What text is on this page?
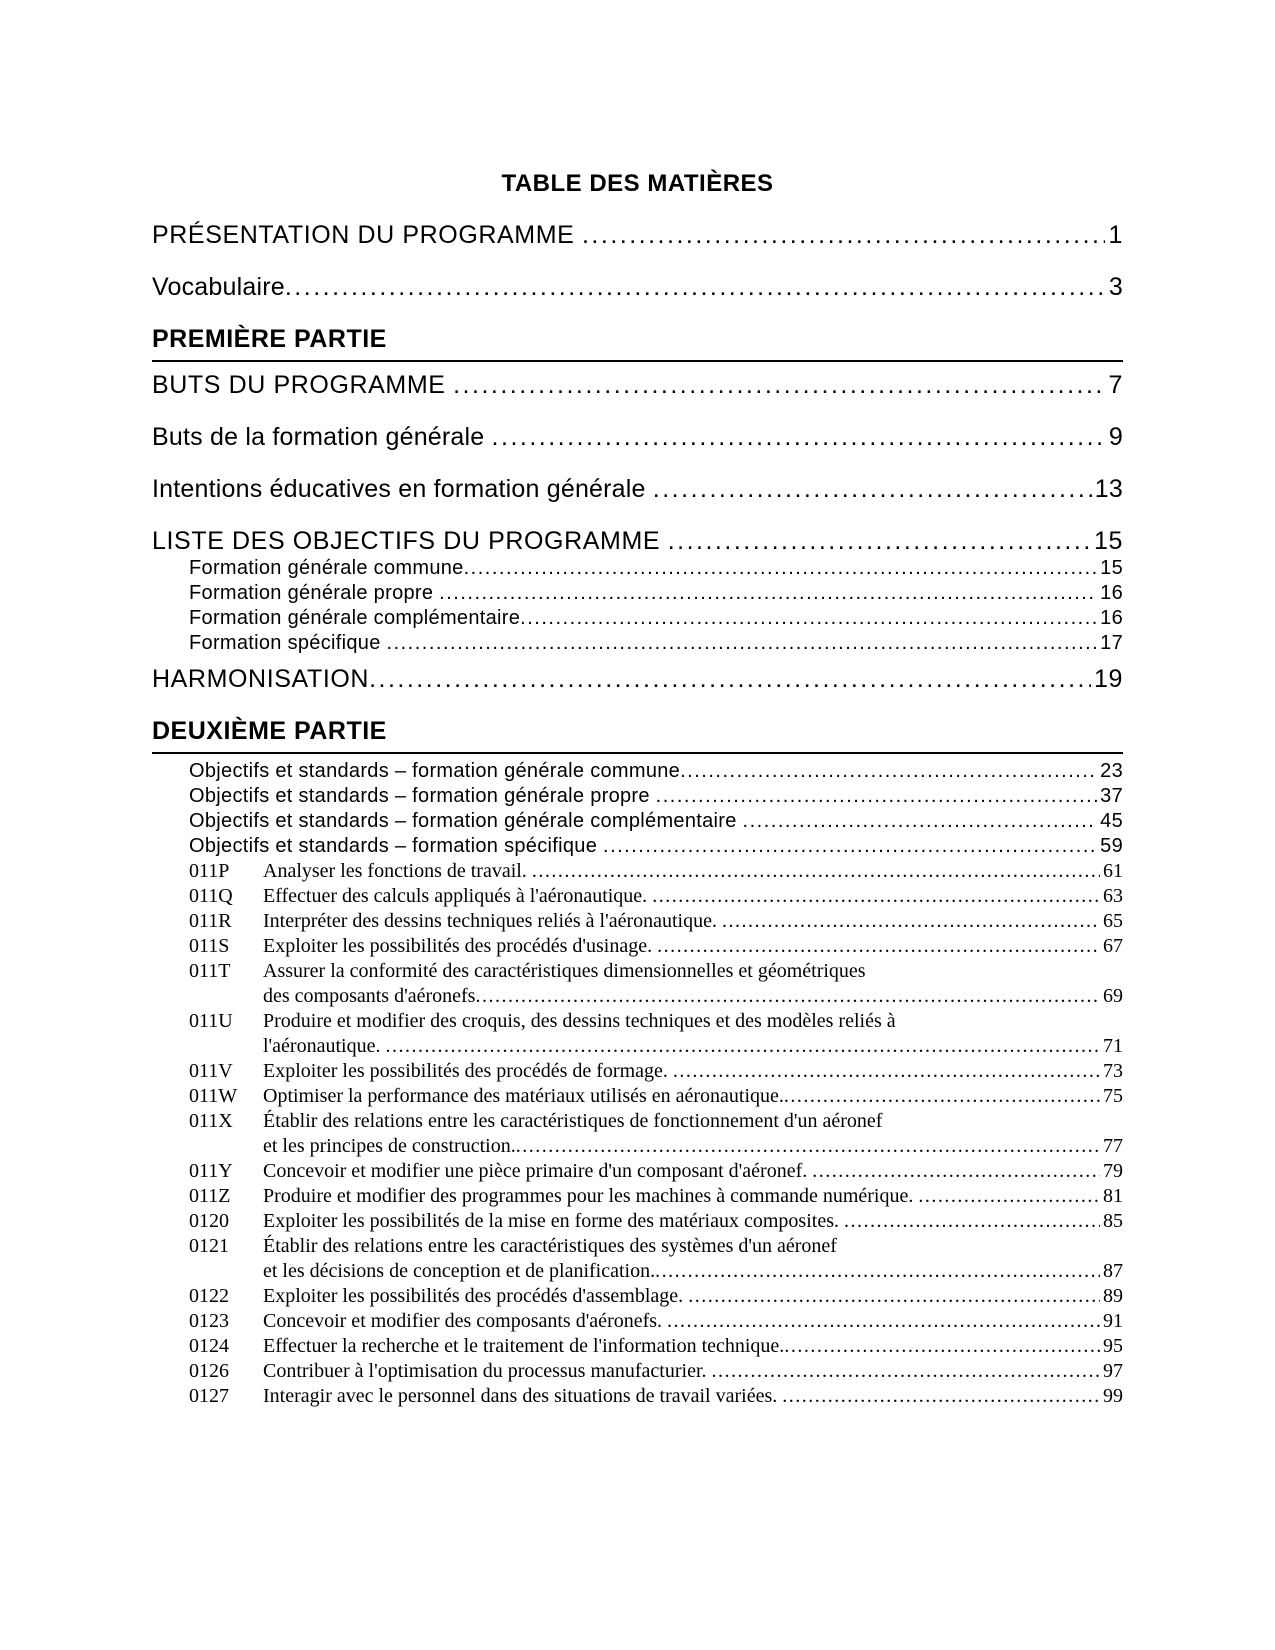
TABLE DES MATIÈRES
PRÉSENTATION DU PROGRAMME .....	1
Vocabulaire .....	3
PREMIÈRE PARTIE
BUTS DU PROGRAMME .....	7
Buts de la formation générale .....	9
Intentions éducatives en formation générale .....	13
LISTE DES OBJECTIFS DU PROGRAMME .....	15
Formation générale commune .....	15
Formation générale propre .....	16
Formation générale complémentaire .....	16
Formation spécifique .....	17
HARMONISATION .....	19
DEUXIÈME PARTIE
Objectifs et standards – formation générale commune .....	23
Objectifs et standards – formation générale propre .....	37
Objectifs et standards – formation générale complémentaire .....	45
Objectifs et standards – formation spécifique .....	59
011P	Analyser les fonctions de travail. .....	61
011Q	Effectuer des calculs appliqués à l'aéronautique. .....	63
011R	Interpréter des dessins techniques reliés à l'aéronautique. .....	65
011S	Exploiter les possibilités des procédés d'usinage. .....	67
011T	Assurer la conformité des caractéristiques dimensionnelles et géométriques
des composants d'aéronefs .....	69
011U	Produire et modifier des croquis, des dessins techniques et des modèles reliés à
l'aéronautique. .....	71
011V	Exploiter les possibilités des procédés de formage. .....	73
011W	Optimiser la performance des matériaux utilisés en aéronautique. .....	75
011X	Établir des relations entre les caractéristiques de fonctionnement d'un aéronef
et les principes de construction. .....	77
011Y	Concevoir et modifier une pièce primaire d'un composant d'aéronef. .....	79
011Z	Produire et modifier des programmes pour les machines à commande numérique. .....	81
0120	Exploiter les possibilités de la mise en forme des matériaux composites. .....	85
0121	Établir des relations entre les caractéristiques des systèmes d'un aéronef
et les décisions de conception et de planification. .....	87
0122	Exploiter les possibilités des procédés d'assemblage. .....	89
0123	Concevoir et modifier des composants d'aéronefs. .....	91
0124	Effectuer la recherche et le traitement de l'information technique. .....	95
0126	Contribuer à l'optimisation du processus manufacturier. .....	97
0127	Interagir avec le personnel dans des situations de travail variées. .....	99
